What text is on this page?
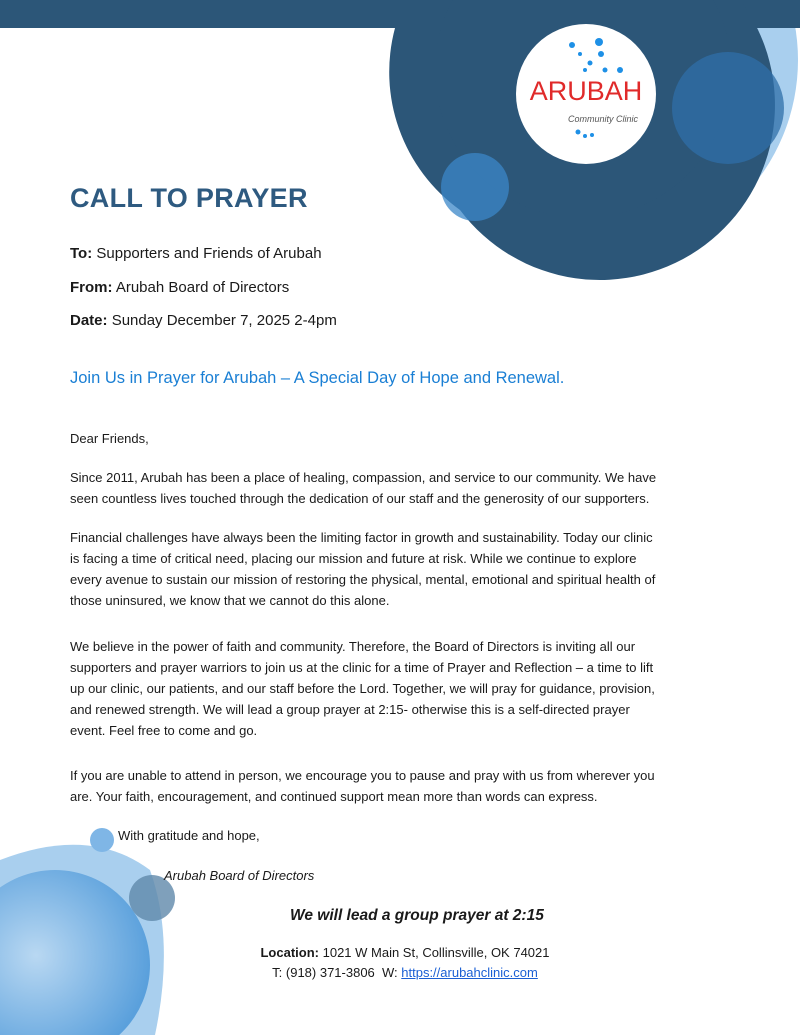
ARUBAH
Community Clinic
CALL TO PRAYER
To: Supporters and Friends of Arubah
From: Arubah Board of Directors
Date: Sunday December 7, 2025 2-4pm
Join Us in Prayer for Arubah – A Special Day of Hope and Renewal.
Dear Friends,
Since 2011, Arubah has been a place of healing, compassion, and service to our community. We have
seen countless lives touched through the dedication of our staff and the generosity of our supporters.
Financial challenges have always been the limiting factor in growth and sustainability. Today our clinic
is facing a time of critical need, placing our mission and future at risk. While we continue to explore
every avenue to sustain our mission of restoring the physical, mental, emotional and spiritual health of
those uninsured, we know that we cannot do this alone.
We believe in the power of faith and community. Therefore, the Board of Directors is inviting all our
supporters and prayer warriors to join us at the clinic for a time of Prayer and Reflection – a time to lift
up our clinic, our patients, and our staff before the Lord. Together, we will pray for guidance, provision,
and renewed strength. We will lead a group prayer at 2:15- otherwise this is a self-directed prayer
event. Feel free to come and go.
If you are unable to attend in person, we encourage you to pause and pray with us from wherever you
are. Your faith, encouragement, and continued support mean more than words can express.
With gratitude and hope,
Arubah Board of Directors
We will lead a group prayer at 2:15
Location: 1021 W Main St, Collinsville, OK 74021
T: (918) 371-3806  W: https://arubahclinic.com
